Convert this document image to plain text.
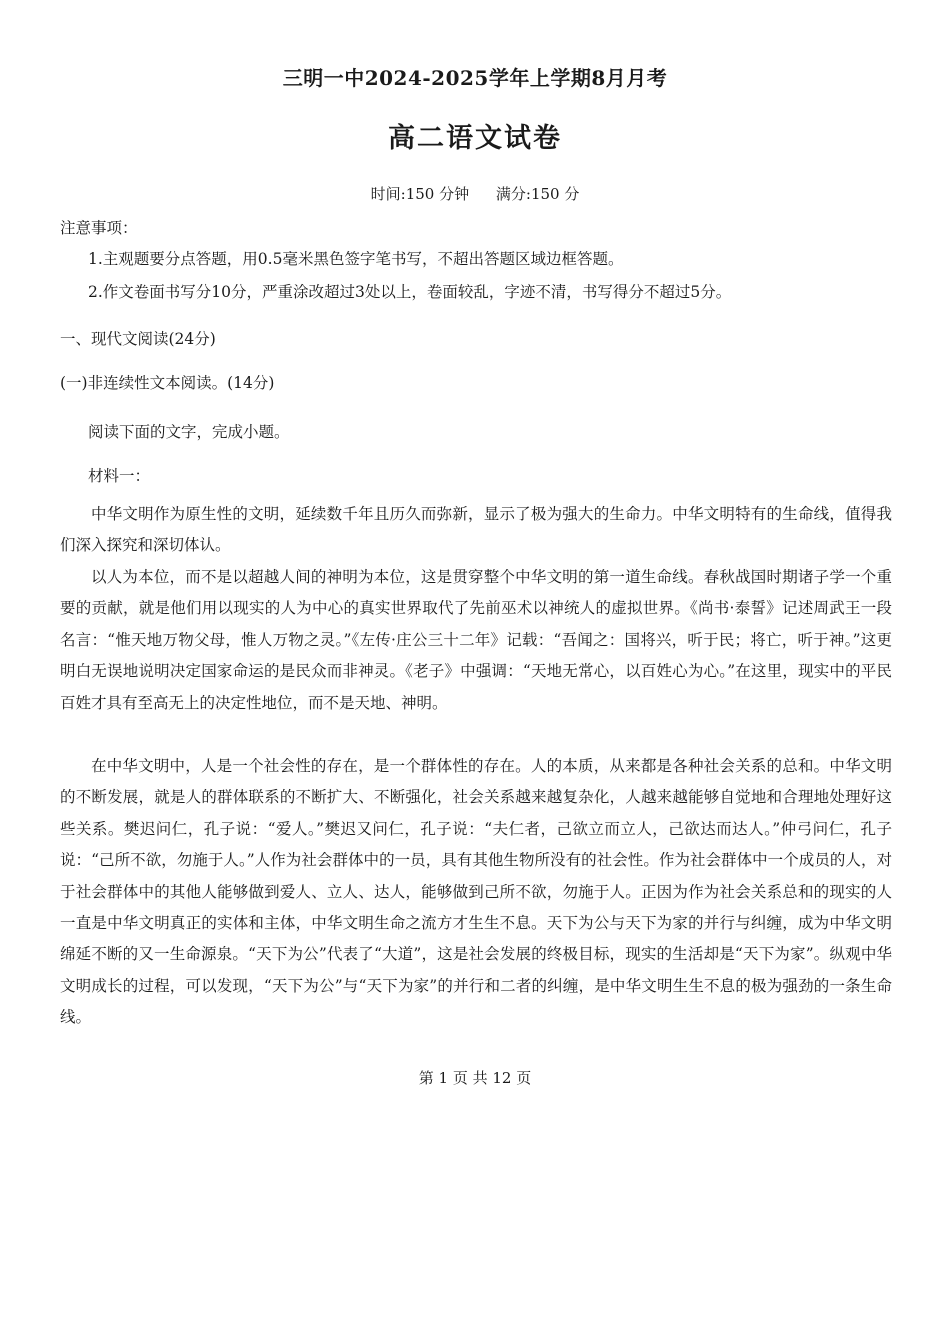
三明一中2024-2025学年上学期8月月考
高二语文试卷
时间:150 分钟 满分:150 分
注意事项：
1.主观题要分点答题，用0.5毫米黑色签字笔书写，不超出答题区域边框答题。
2.作文卷面书写分10分，严重涂改超过3处以上，卷面较乱，字迹不清，书写得分不超过5分。
一、现代文阅读(24分)
(一)非连续性文本阅读。(14分)
阅读下面的文字，完成小题。
材料一：
中华文明作为原生性的文明，延续数千年且历久而弥新，显示了极为强大的生命力。中华文明特有的生命线，值得我们深入探究和深切体认。
以人为本位，而不是以超越人间的神明为本位，这是贯穿整个中华文明的第一道生命线。春秋战国时期诸子学一个重要的贡献，就是他们用以现实的人为中心的真实世界取代了先前巫术以神统人的虚拟世界。《尚书·泰誓》记述周武王一段名言：“惟天地万物父母，惟人万物之灵。”《左传·庄公三十二年》记载：“吾闻之：国将兴，听于民；将亡，听于神。”这更明白无误地说明决定国家命运的是民众而非神灵。《老子》中强调：“天地无常心，以百姓心为心。”在这里，现实中的平民百姓才具有至高无上的决定性地位，而不是天地、神明。
在中华文明中，人是一个社会性的存在，是一个群体性的存在。人的本质，从来都是各种社会关系的总和。中华文明的不断发展，就是人的群体联系的不断扩大、不断强化，社会关系越来越复杂化，人越来越能够自觉地和合理地处理好这些关系。樊迟问仁，孔子说：“爱人。”樊迟又问仁，孔子说：“夫仁者，己欲立而立人，己欲达而达人。”仲弓问仁，孔子说：“己所不欲，勿施于人。”人作为社会群体中的一员，具有其他生物所没有的社会性。作为社会群体中一个成员的人，对于社会群体中的其他人能够做到爱人、立人、达人，能够做到己所不欲，勿施于人。正因为作为社会关系总和的现实的人一直是中华文明真正的实体和主体，中华文明生命之流方才生生不息。天下为公与天下为家的并行与纠缠，成为中华文明绵延不断的又一生命源泉。“天下为公”代表了“大道”，这是社会发展的终极目标，现实的生活却是“天下为家”。纵观中华文明成长的过程，可以发现，“天下为公”与“天下为家”的并行和二者的纠缠，是中华文明生生不息的极为强劲的一条生命线。
第 1 页 共 12 页
